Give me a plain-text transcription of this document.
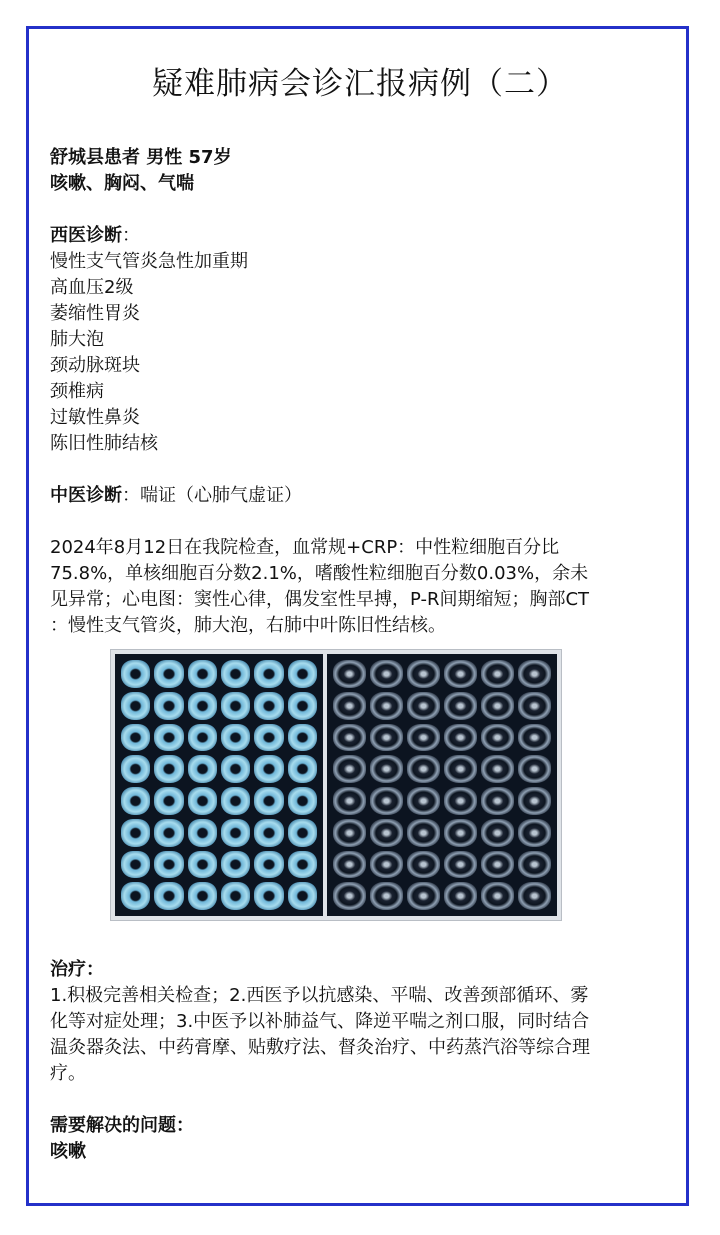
疑难肺病会诊汇报病例（二）
舒城县患者 男性 57岁
咳嗽、胸闷、气喘
西医诊断：
慢性支气管炎急性加重期
高血压2级
萎缩性胃炎
肺大泡
颈动脉斑块
颈椎病
过敏性鼻炎
陈旧性肺结核
中医诊断：喘证（心肺气虚证）

2024年8月12日在我院检查，血常规+CRP：中性粒细胞百分比
75.8%，单核细胞百分数2.1%，嗜酸性粒细胞百分数0.03%，余未
见异常；心电图：窦性心律，偶发室性早搏，P-R间期缩短；胸部CT
：慢性支气管炎，肺大泡，右肺中叶陈旧性结核。

治疗：

1.积极完善相关检查；2.西医予以抗感染、平喘、改善颈部循环、雾
化等对症处理；3.中医予以补肺益气、降逆平喘之剂口服，同时结合
温灸器灸法、中药膏摩、贴敷疗法、督灸治疗、中药蒸汽浴等综合理
疗。

需要解决的问题：
咳嗽
